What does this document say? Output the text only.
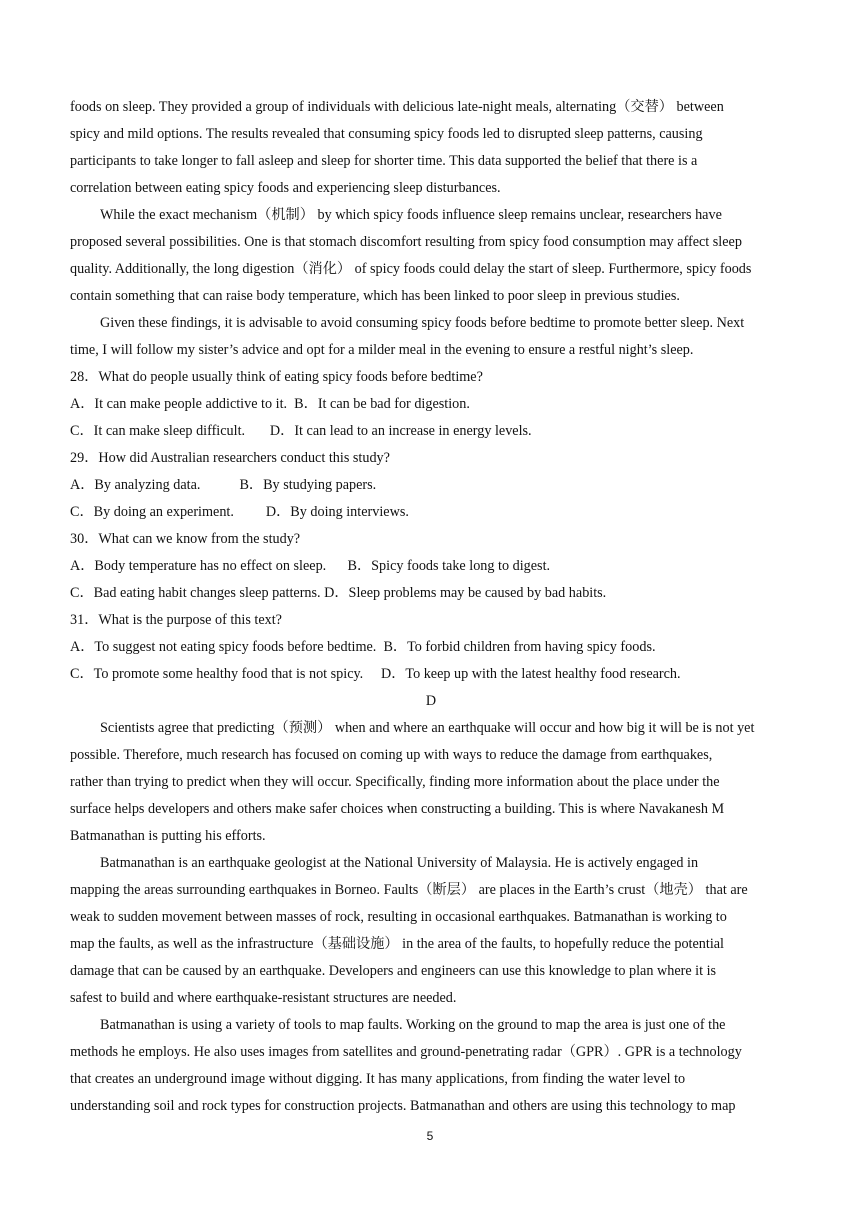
foods on sleep. They provided a group of individuals with delicious late-night meals, alternating（交替） between
spicy and mild options. The results revealed that consuming spicy foods led to disrupted sleep patterns, causing
participants to take longer to fall asleep and sleep for shorter time. This data supported the belief that there is a
correlation between eating spicy foods and experiencing sleep disturbances.
While the exact mechanism（机制） by which spicy foods influence sleep remains unclear, researchers have
proposed several possibilities. One is that stomach discomfort resulting from spicy food consumption may affect sleep
quality. Additionally, the long digestion（消化） of spicy foods could delay the start of sleep. Furthermore, spicy foods
contain something that can raise body temperature, which has been linked to poor sleep in previous studies.
Given these findings, it is advisable to avoid consuming spicy foods before bedtime to promote better sleep. Next
time, I will follow my sister’s advice and opt for a milder meal in the evening to ensure a restful night’s sleep.
28．What do people usually think of eating spicy foods before bedtime?
A．It can make people addictive to it. B．It can be bad for digestion.
C．It can make sleep difficult. D．It can lead to an increase in energy levels.
29．How did Australian researchers conduct this study?
A．By analyzing data. B．By studying papers.
C．By doing an experiment. D．By doing interviews.
30．What can we know from the study?
A．Body temperature has no effect on sleep. B．Spicy foods take long to digest.
C．Bad eating habit changes sleep patterns. D．Sleep problems may be caused by bad habits.
31．What is the purpose of this text?
A．To suggest not eating spicy foods before bedtime. B．To forbid children from having spicy foods.
C．To promote some healthy food that is not spicy. D．To keep up with the latest healthy food research.
D
Scientists agree that predicting（预测） when and where an earthquake will occur and how big it will be is not yet
possible. Therefore, much research has focused on coming up with ways to reduce the damage from earthquakes,
rather than trying to predict when they will occur. Specifically, finding more information about the place under the
surface helps developers and others make safer choices when constructing a building. This is where Navakanesh M
Batmanathan is putting his efforts.
Batmanathan is an earthquake geologist at the National University of Malaysia. He is actively engaged in
mapping the areas surrounding earthquakes in Borneo. Faults（断层） are places in the Earth’s crust（地壳） that are
weak to sudden movement between masses of rock, resulting in occasional earthquakes. Batmanathan is working to
map the faults, as well as the infrastructure（基础设施） in the area of the faults, to hopefully reduce the potential
damage that can be caused by an earthquake. Developers and engineers can use this knowledge to plan where it is
safest to build and where earthquake-resistant structures are needed.
Batmanathan is using a variety of tools to map faults. Working on the ground to map the area is just one of the
methods he employs. He also uses images from satellites and ground-penetrating radar（GPR）. GPR is a technology
that creates an underground image without digging. It has many applications, from finding the water level to
understanding soil and rock types for construction projects. Batmanathan and others are using this technology to map
5
